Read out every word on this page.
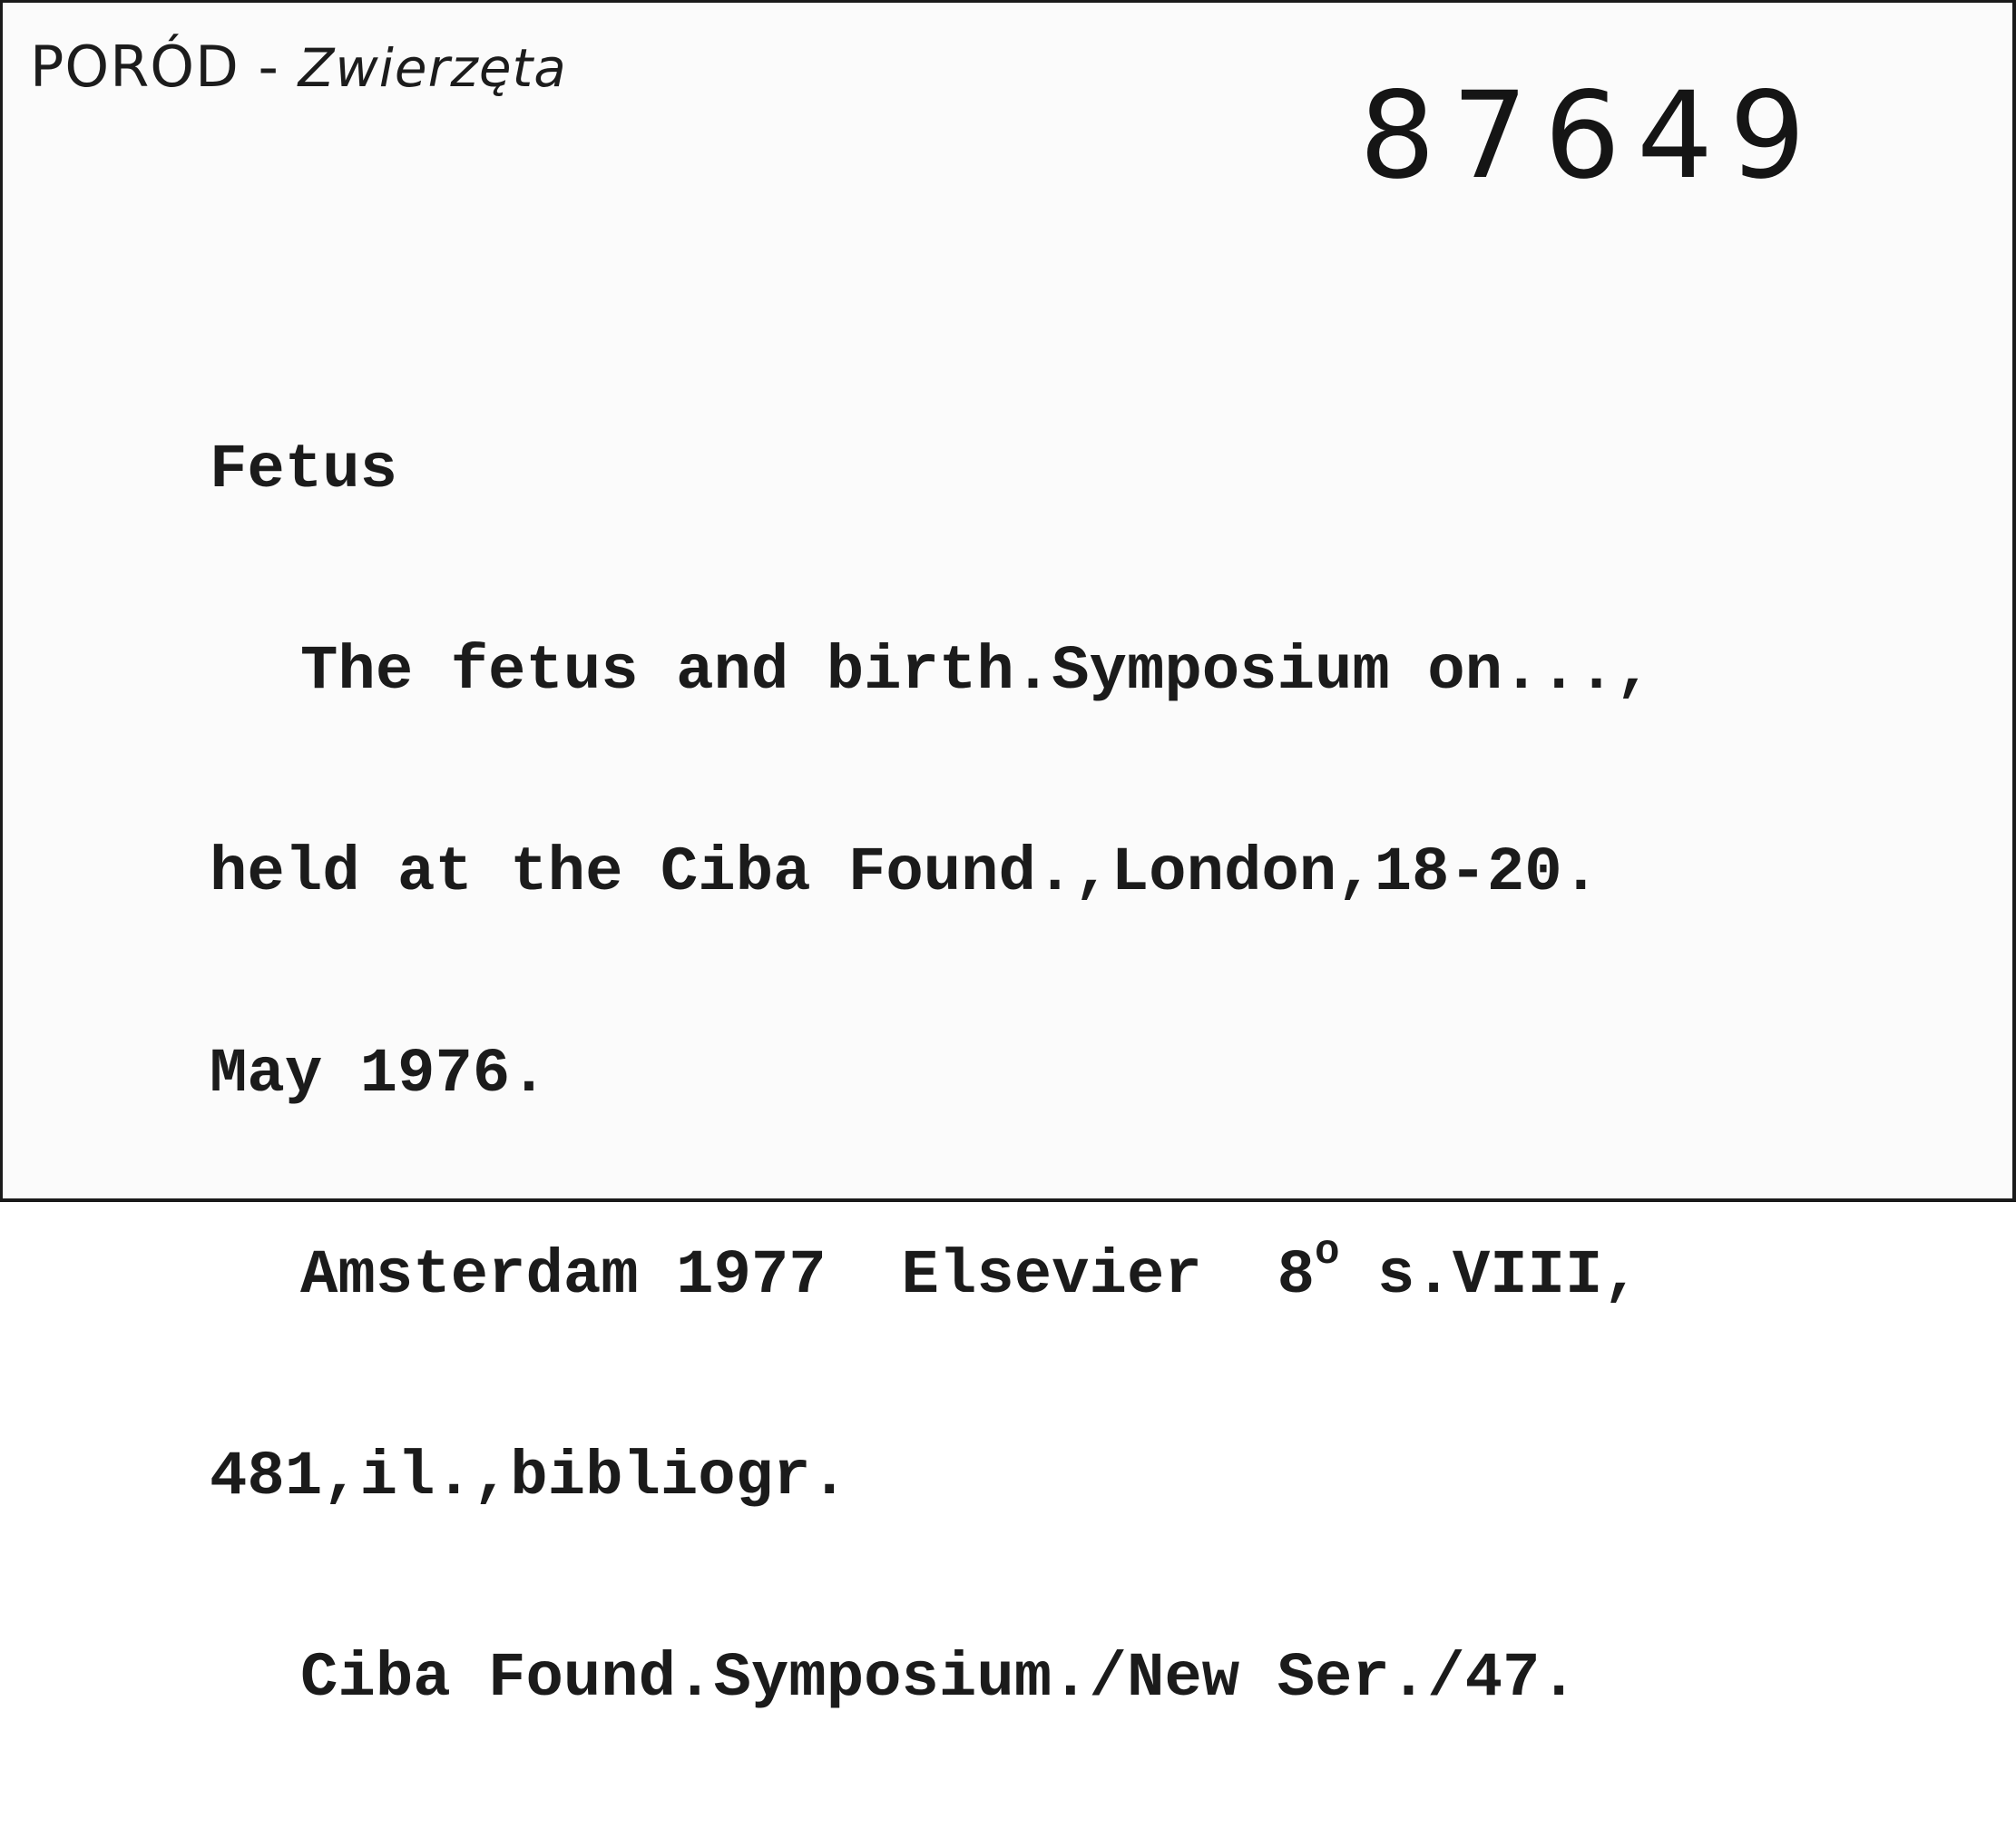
PORÓD - Zwierzęta	87649

Fetus

The fetus and birth.Symposium on...,

held at the Ciba Found.,London,18-20.

May 1976.

Amsterdam 1977  Elsevier  8$^o$ s.VIII,

481,il.,bibliogr.

Ciba Found.Symposium./New Ser./47.
